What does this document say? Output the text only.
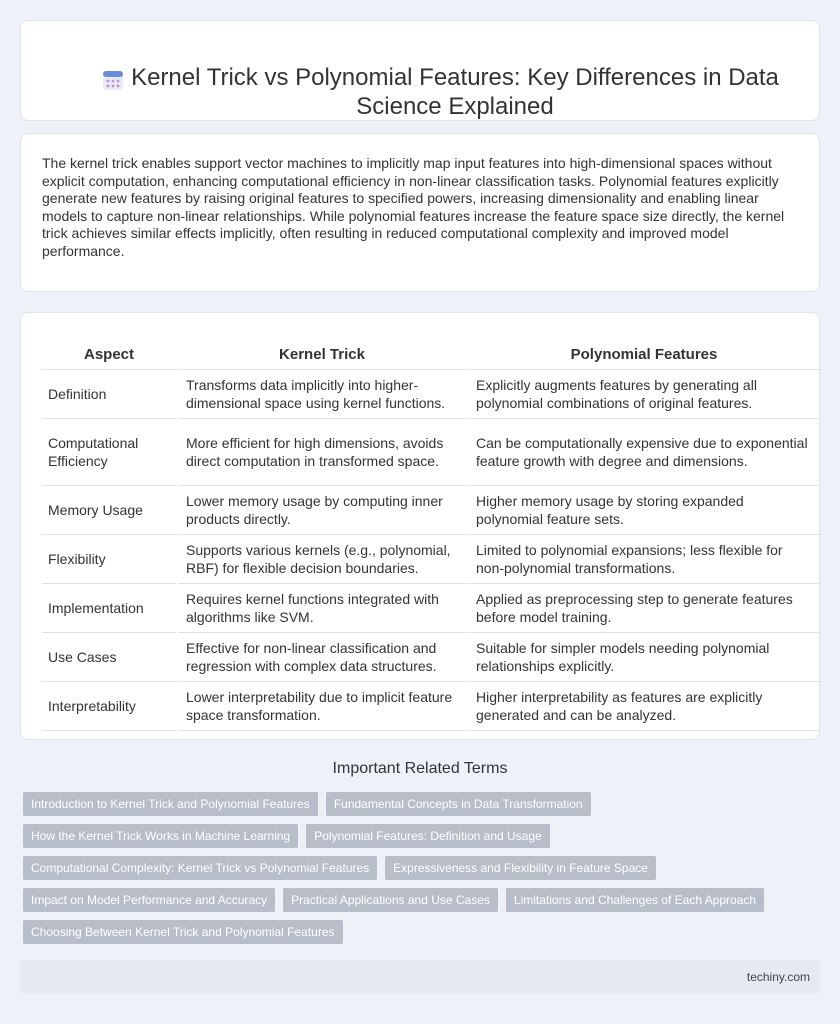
Kernel Trick vs Polynomial Features: Key Differences in Data Science Explained

The kernel trick enables support vector machines to implicitly map input features into high-dimensional spaces without explicit computation, enhancing computational efficiency in non-linear classification tasks. Polynomial features explicitly generate new features by raising original features to specified powers, increasing dimensionality and enabling linear models to capture non-linear relationships. While polynomial features increase the feature space size directly, the kernel trick achieves similar effects implicitly, often resulting in reduced computational complexity and improved model performance.

Aspect	Kernel Trick	Polynomial Features
Definition	Transforms data implicitly into higher-dimensional space using kernel functions.	Explicitly augments features by generating all polynomial combinations of original features.
Computational Efficiency	More efficient for high dimensions, avoids direct computation in transformed space.	Can be computationally expensive due to exponential feature growth with degree and dimensions.
Memory Usage	Lower memory usage by computing inner products directly.	Higher memory usage by storing expanded polynomial feature sets.
Flexibility	Supports various kernels (e.g., polynomial, RBF) for flexible decision boundaries.	Limited to polynomial expansions; less flexible for non-polynomial transformations.
Implementation	Requires kernel functions integrated with algorithms like SVM.	Applied as preprocessing step to generate features before model training.
Use Cases	Effective for non-linear classification and regression with complex data structures.	Suitable for simpler models needing polynomial relationships explicitly.
Interpretability	Lower interpretability due to implicit feature space transformation.	Higher interpretability as features are explicitly generated and can be analyzed.
Important Related Terms
Introduction to Kernel Trick and Polynomial Features	Fundamental Concepts in Data Transformation
How the Kernel Trick Works in Machine Learning	Polynomial Features: Definition and Usage
Computational Complexity: Kernel Trick vs Polynomial Features	Expressiveness and Flexibility in Feature Space
Impact on Model Performance and Accuracy	Practical Applications and Use Cases	Limitations and Challenges of Each Approach
Choosing Between Kernel Trick and Polynomial Features
techiny.com
